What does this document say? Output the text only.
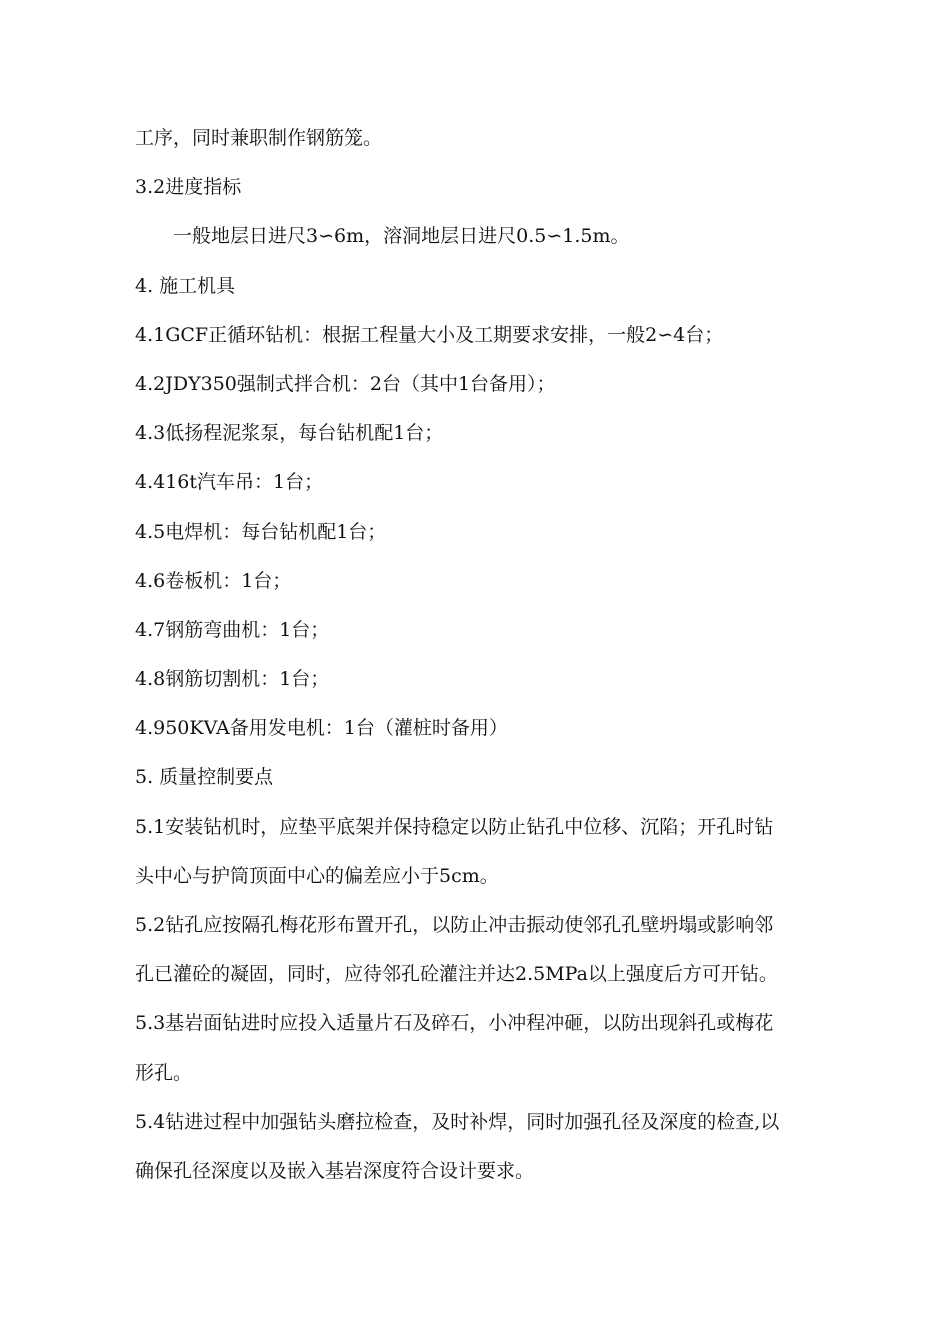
工序，同时兼职制作钢筋笼。
3.2进度指标
一般地层日进尺3∽6m，溶洞地层日进尺0.5∽1.5m。
4. 施工机具
4.1GCF正循环钻机：根据工程量大小及工期要求安排，一般2∽4台；
4.2JDY350强制式拌合机：2台（其中1台备用）；
4.3低扬程泥浆泵，每台钻机配1台；
4.416t汽车吊：1台；
4.5电焊机：每台钻机配1台；
4.6卷板机：1台；
4.7钢筋弯曲机：1台；
4.8钢筋切割机：1台；
4.950KVA备用发电机：1台（灌桩时备用）
5. 质量控制要点
5.1安装钻机时，应垫平底架并保持稳定以防止钻孔中位移、沉陷；开孔时钻
头中心与护筒顶面中心的偏差应小于5cm。
5.2钻孔应按隔孔梅花形布置开孔，以防止冲击振动使邻孔孔壁坍塌或影响邻
孔已灌砼的凝固，同时，应待邻孔砼灌注并达2.5MPa以上强度后方可开钻。
5.3基岩面钻进时应投入适量片石及碎石，小冲程冲砸，以防出现斜孔或梅花
形孔。
5.4钻进过程中加强钻头磨拉检查，及时补焊，同时加强孔径及深度的检查,以
确保孔径深度以及嵌入基岩深度符合设计要求。
